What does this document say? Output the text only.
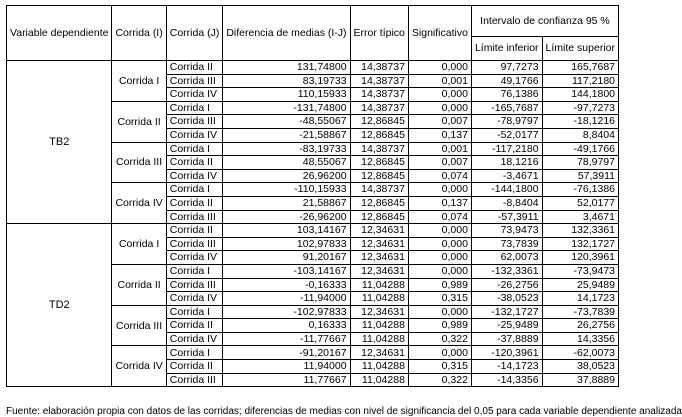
Variable dependiente	Corrida (I)	Corrida (J)	Diferencia de medias (I-J)	Error típico	Significativo	Intervalo de confianza 95 %	
						Límite inferior	Límite superior
TB2	Corrida I	Corrida II	131,74800	14,38737	0,000	97,7273	165,7687
		Corrida III	83,19733	14,38737	0,001	49,1766	117,2180
		Corrida IV	110,15933	14,38737	0,000	76,1386	144,1800
	Corrida II	Corrida I	-131,74800	14,38737	0,000	-165,7687	-97,7273
		Corrida III	-48,55067	12,86845	0,007	-78,9797	-18,1216
		Corrida IV	-21,58867	12,86845	0,137	-52,0177	8,8404
	Corrida III	Corrida I	-83,19733	14,38737	0,001	-117,2180	-49,1766
		Corrida II	48,55067	12,86845	0,007	18,1216	78,9797
		Corrida IV	26,96200	12,86845	0,074	-3,4671	57,3911
	Corrida IV	Corrida I	-110,15933	14,38737	0,000	-144,1800	-76,1386
		Corrida II	21,58867	12,86845	0,137	-8,8404	52,0177
		Corrida III	-26,96200	12,86845	0,074	-57,3911	3,4671
TD2	Corrida I	Corrida II	103,14167	12,34631	0,000	73,9473	132,3361
		Corrida III	102,97833	12,34631	0,000	73,7839	132,1727
		Corrida IV	91,20167	12,34631	0,000	62,0073	120,3961
	Corrida II	Corrida I	-103,14167	12,34631	0,000	-132,3361	-73,9473
		Corrida III	-0,16333	11,04288	0,989	-26,2756	25,9489
		Corrida IV	-11,94000	11,04288	0,315	-38,0523	14,1723
	Corrida III	Corrida I	-102,97833	12,34631	0,000	-132,1727	-73,7839
		Corrida II	0,16333	11,04288	0,989	-25,9489	26,2756
		Corrida IV	-11,77667	11,04288	0,322	-37,8889	14,3356
	Corrida IV	Corrida I	-91,20167	12,34631	0,000	-120,3961	-62,0073
		Corrida II	11,94000	11,04288	0,315	-14,1723	38,0523
		Corrida III	11,77667	11,04288	0,322	-14,3356	37,8889
Fuente: elaboración propia con datos de las corridas; diferencias de medias con nivel de significancia del 0,05 para cada variable dependiente analizada
